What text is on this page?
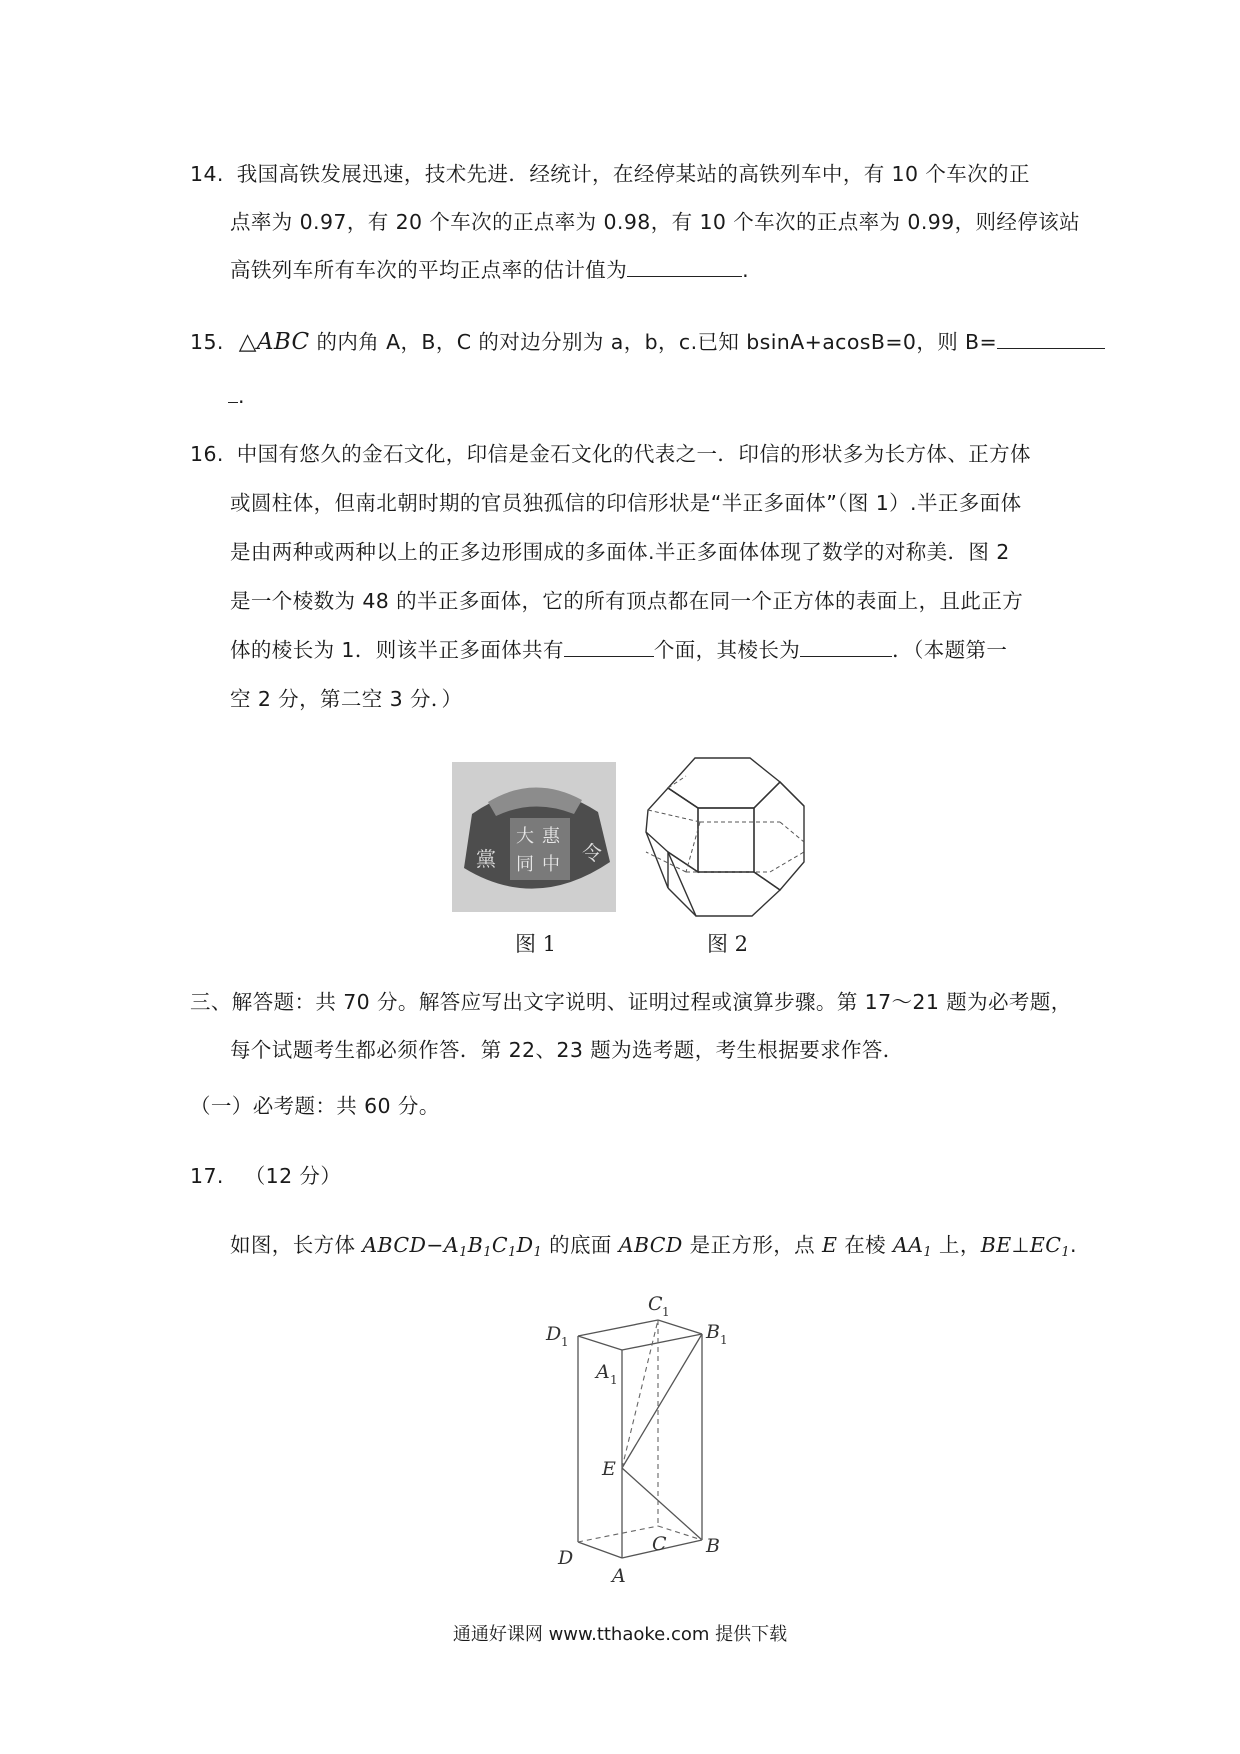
14. 我国高铁发展迅速，技术先进．经统计，在经停某站的高铁列车中，有 10 个车次的正
点率为 0.97，有 20 个车次的正点率为 0.98，有 10 个车次的正点率为 0.99，则经停该站
高铁列车所有车次的平均正点率的估计值为	.
15. △ABC 的内角 A，B，C 的对边分别为 a，b，c.已知 bsinA+acosB=0，则 B=
.
16. 中国有悠久的金石文化，印信是金石文化的代表之一．印信的形状多为长方体、正方体
或圆柱体，但南北朝时期的官员独孤信的印信形状是“半正多面体”（图 1）.半正多面体
是由两种或两种以上的正多边形围成的多面体.半正多面体体现了数学的对称美．图 2
是一个棱数为 48 的半正多面体，它的所有顶点都在同一个正方体的表面上，且此正方
体的棱长为 1．则该半正多面体共有	个面，其棱长为	．（本题第一
空 2 分，第二空 3 分．）
大 惠
同 中 令
黨
图 1	图 2
三、解答题：共 70 分。解答应写出文字说明、证明过程或演算步骤。第 17～21 题为必考题，
每个试题考生都必须作答．第 22、23 题为选考题，考生根据要求作答．
（一）必考题：共 60 分。
17. （12 分）
如图，长方体 $ABCD-A_1B_1C_1D_1$ 的底面 ABCD 是正方形，点 E 在棱 $AA_1$ 上，$BE\perp EC_1$.
C 1
D 1	B 1
A 1
E
C B
D
A
通通好课网 www.tthaoke.com 提供下载
